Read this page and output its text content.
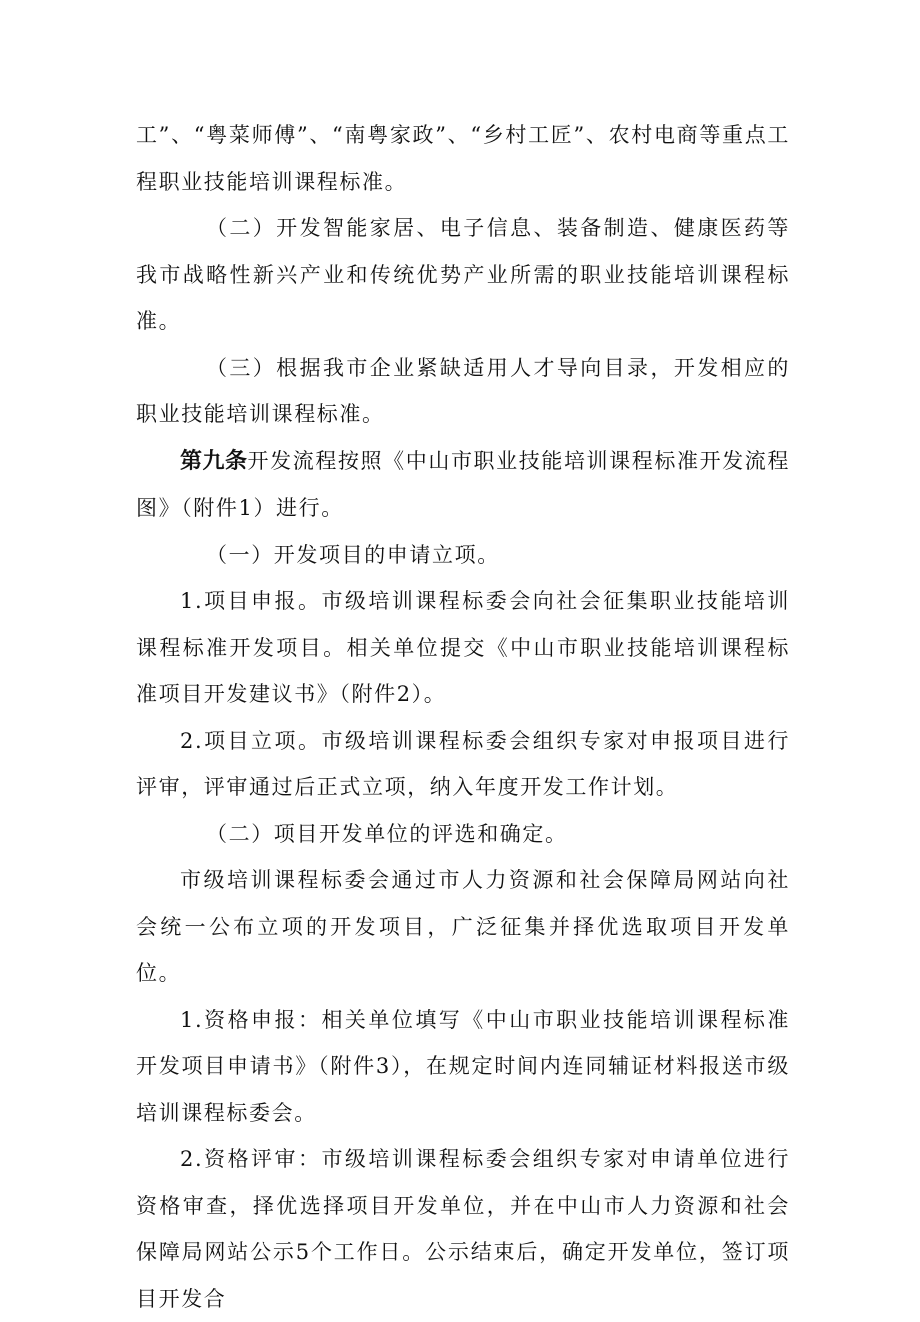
工”、“粤菜师傅”、“南粤家政”、“乡村工匠”、农村电商等重点工程职业技能培训课程标准。

（二）开发智能家居、电子信息、装备制造、健康医药等我市战略性新兴产业和传统优势产业所需的职业技能培训课程标准。

（三）根据我市企业紧缺适用人才导向目录，开发相应的职业技能培训课程标准。

第九条开发流程按照《中山市职业技能培训课程标准开发流程图》（附件1）进行。

（一）开发项目的申请立项。

1.项目申报。市级培训课程标委会向社会征集职业技能培训课程标准开发项目。相关单位提交《中山市职业技能培训课程标准项目开发建议书》（附件2）。

2.项目立项。市级培训课程标委会组织专家对申报项目进行评审，评审通过后正式立项，纳入年度开发工作计划。

（二）项目开发单位的评选和确定。

市级培训课程标委会通过市人力资源和社会保障局网站向社会统一公布立项的开发项目，广泛征集并择优选取项目开发单位。

1.资格申报：相关单位填写《中山市职业技能培训课程标准开发项目申请书》（附件3），在规定时间内连同辅证材料报送市级培训课程标委会。

2.资格评审：市级培训课程标委会组织专家对申请单位进行资格审查，择优选择项目开发单位，并在中山市人力资源和社会保障局网站公示5个工作日。公示结束后，确定开发单位，签订项目开发合
